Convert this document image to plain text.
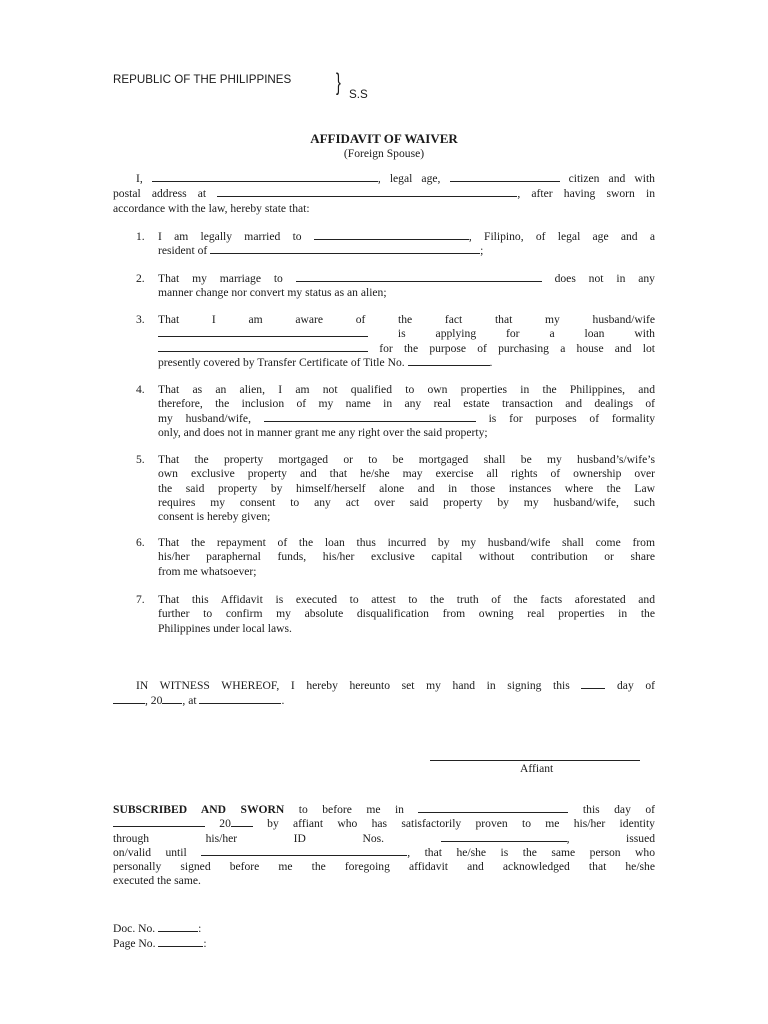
REPUBLIC OF THE PHILIPPINES } S.S
AFFIDAVIT OF WAIVER
(Foreign Spouse)
I,	, legal age,	citizen and with
postal address at	, after having sworn in
accordance with the law, hereby state that:
1. I am legally married to	, Filipino, of legal age and a
resident of	;
2. That my marriage to	does not in any
manner change nor convert my status as an alien;
3. That I am aware of the fact that my husband/wife
is applying for a loan with
for the purpose of purchasing a house and lot
presently covered by Transfer Certificate of Title No.	.
4. That as an alien, I am not qualified to own properties in the Philippines, and
therefore, the inclusion of my name in any real estate transaction and dealings of
my husband/wife,	is for purposes of formality
only, and does not in manner grant me any right over the said property;
5. That the property mortgaged or to be mortgaged shall be my husband’s/wife’s
own exclusive property and that he/she may exercise all rights of ownership over
the said property by himself/herself alone and in those instances where the Law
requires my consent to any act over said property by my husband/wife, such
consent is hereby given;
6. That the repayment of the loan thus incurred by my husband/wife shall come from
his/her paraphernal funds, his/her exclusive capital without contribution or share
from me whatsoever;
7. That this Affidavit is executed to attest to the truth of the facts aforestated and
further to confirm my absolute disqualification from owning real properties in the
Philippines under local laws.
IN WITNESS WHEREOF, I hereby hereunto set my hand in signing this	day of
, 20 , at	.
Affiant
SUBSCRIBED AND SWORN to before me in	this day of
20	by affiant who has satisfactorily proven to me his/her identity
through his/her ID Nos.	, issued
on/valid until	, that he/she is the same person who
personally signed before me the foregoing affidavit and acknowledged that he/she
executed the same.
Doc. No.	:
Page No.	:
